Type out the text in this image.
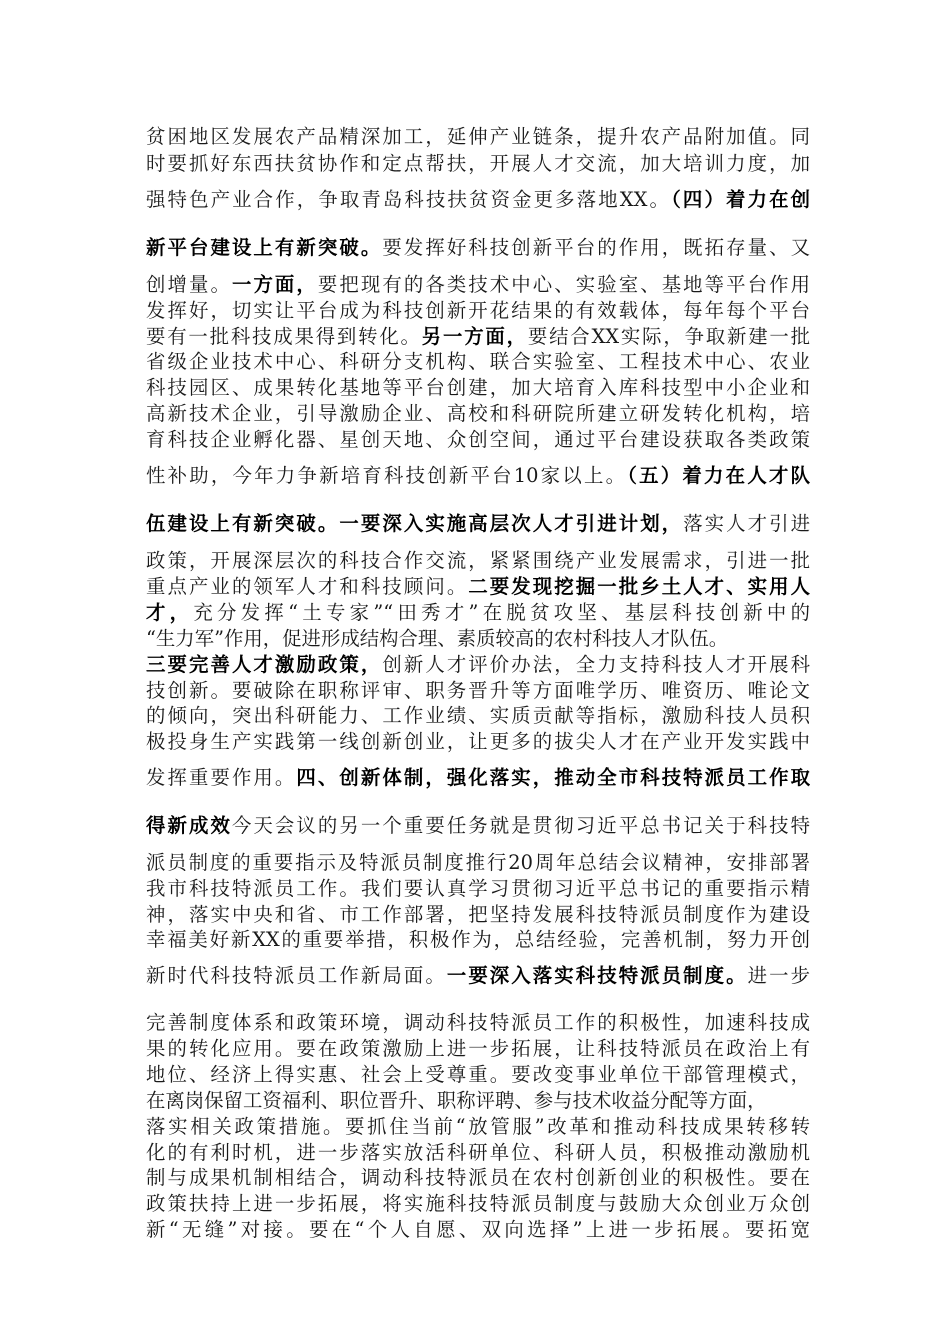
贫困地区发展农产品精深加工，延伸产业链条，提升农产品附加值。同
时要抓好东西扶贫协作和定点帮扶，开展人才交流，加大培训力度，加
强特色产业合作，争取青岛科技扶贫资金更多落地XX。（四）着力在创
新平台建设上有新突破。要发挥好科技创新平台的作用，既拓存量、又
创增量。一方面，要把现有的各类技术中心、实验室、基地等平台作用
发挥好，切实让平台成为科技创新开花结果的有效载体，每年每个平台
要有一批科技成果得到转化。另一方面，要结合XX实际，争取新建一批
省级企业技术中心、科研分支机构、联合实验室、工程技术中心、农业
科技园区、成果转化基地等平台创建，加大培育入库科技型中小企业和
高新技术企业，引导激励企业、高校和科研院所建立研发转化机构，培
育科技企业孵化器、星创天地、众创空间，通过平台建设获取各类政策
性补助，今年力争新培育科技创新平台10家以上。（五）着力在人才队
伍建设上有新突破。一要深入实施高层次人才引进计划，落实人才引进
政策，开展深层次的科技合作交流，紧紧围绕产业发展需求，引进一批
重点产业的领军人才和科技顾问。二要发现挖掘一批乡土人才、实用人
才，充分发挥“土专家”“田秀才”在脱贫攻坚、基层科技创新中的
“生力军”作用，促进形成结构合理、素质较高的农村科技人才队伍。
三要完善人才激励政策，创新人才评价办法，全力支持科技人才开展科
技创新。要破除在职称评审、职务晋升等方面唯学历、唯资历、唯论文
的倾向，突出科研能力、工作业绩、实质贡献等指标，激励科技人员积
极投身生产实践第一线创新创业，让更多的拔尖人才在产业开发实践中
发挥重要作用。四、创新体制，强化落实，推动全市科技特派员工作取
得新成效今天会议的另一个重要任务就是贯彻习近平总书记关于科技特
派员制度的重要指示及特派员制度推行20周年总结会议精神，安排部署
我市科技特派员工作。我们要认真学习贯彻习近平总书记的重要指示精
神，落实中央和省、市工作部署，把坚持发展科技特派员制度作为建设
幸福美好新XX的重要举措，积极作为，总结经验，完善机制，努力开创
新时代科技特派员工作新局面。一要深入落实科技特派员制度。进一步
完善制度体系和政策环境，调动科技特派员工作的积极性，加速科技成
果的转化应用。要在政策激励上进一步拓展，让科技特派员在政治上有
地位、经济上得实惠、社会上受尊重。要改变事业单位干部管理模式，
在离岗保留工资福利、职位晋升、职称评聘、参与技术收益分配等方面，
落实相关政策措施。要抓住当前“放管服”改革和推动科技成果转移转
化的有利时机，进一步落实放活科研单位、科研人员，积极推动激励机
制与成果机制相结合，调动科技特派员在农村创新创业的积极性。要在
政策扶持上进一步拓展，将实施科技特派员制度与鼓励大众创业万众创
新“无缝”对接。要在“个人自愿、双向选择”上进一步拓展。要拓宽
